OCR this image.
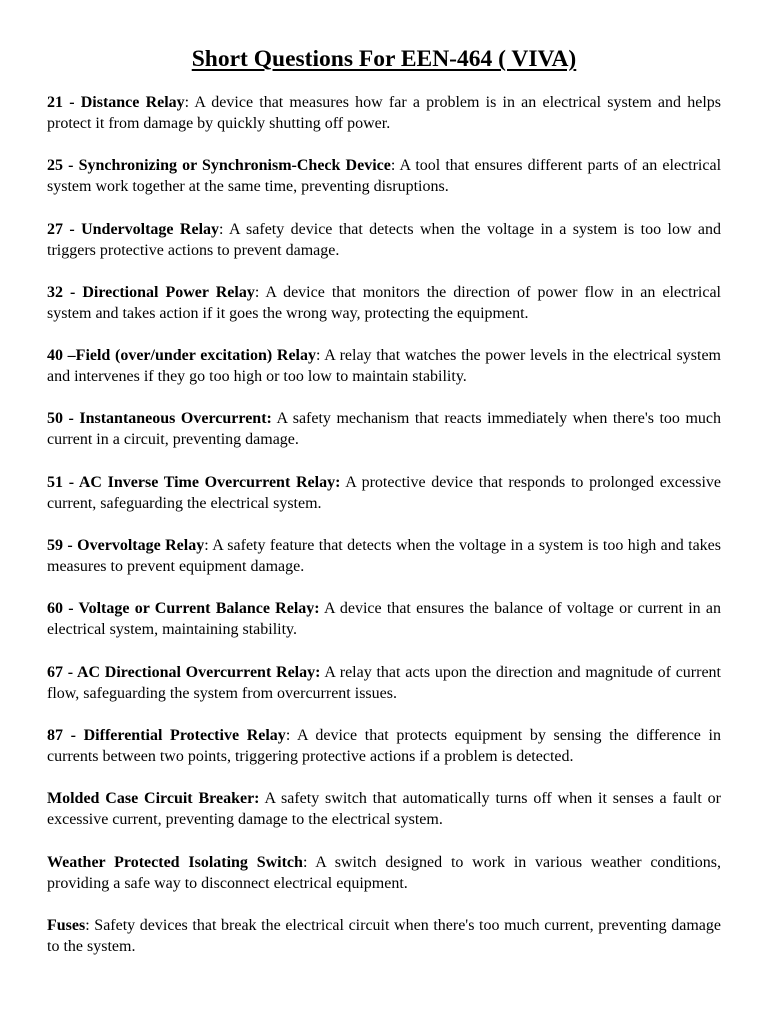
Short Questions For EEN-464 ( VIVA)

21 - Distance Relay: A device that measures how far a problem is in an electrical system and helps protect it from damage by quickly shutting off power.

25 - Synchronizing or Synchronism-Check Device: A tool that ensures different parts of an electrical system work together at the same time, preventing disruptions.

27 - Undervoltage Relay: A safety device that detects when the voltage in a system is too low and triggers protective actions to prevent damage.

32 - Directional Power Relay: A device that monitors the direction of power flow in an electrical system and takes action if it goes the wrong way, protecting the equipment.

40 –Field (over/under excitation) Relay: A relay that watches the power levels in the electrical system and intervenes if they go too high or too low to maintain stability.

50 - Instantaneous Overcurrent: A safety mechanism that reacts immediately when there's too much current in a circuit, preventing damage.

51 - AC Inverse Time Overcurrent Relay: A protective device that responds to prolonged excessive current, safeguarding the electrical system.

59 - Overvoltage Relay: A safety feature that detects when the voltage in a system is too high and takes measures to prevent equipment damage.

60 - Voltage or Current Balance Relay: A device that ensures the balance of voltage or current in an electrical system, maintaining stability.

67 - AC Directional Overcurrent Relay: A relay that acts upon the direction and magnitude of current flow, safeguarding the system from overcurrent issues.

87 - Differential Protective Relay: A device that protects equipment by sensing the difference in currents between two points, triggering protective actions if a problem is detected.

Molded Case Circuit Breaker: A safety switch that automatically turns off when it senses a fault or excessive current, preventing damage to the electrical system.

Weather Protected Isolating Switch: A switch designed to work in various weather conditions, providing a safe way to disconnect electrical equipment.

Fuses: Safety devices that break the electrical circuit when there's too much current, preventing damage to the system.
